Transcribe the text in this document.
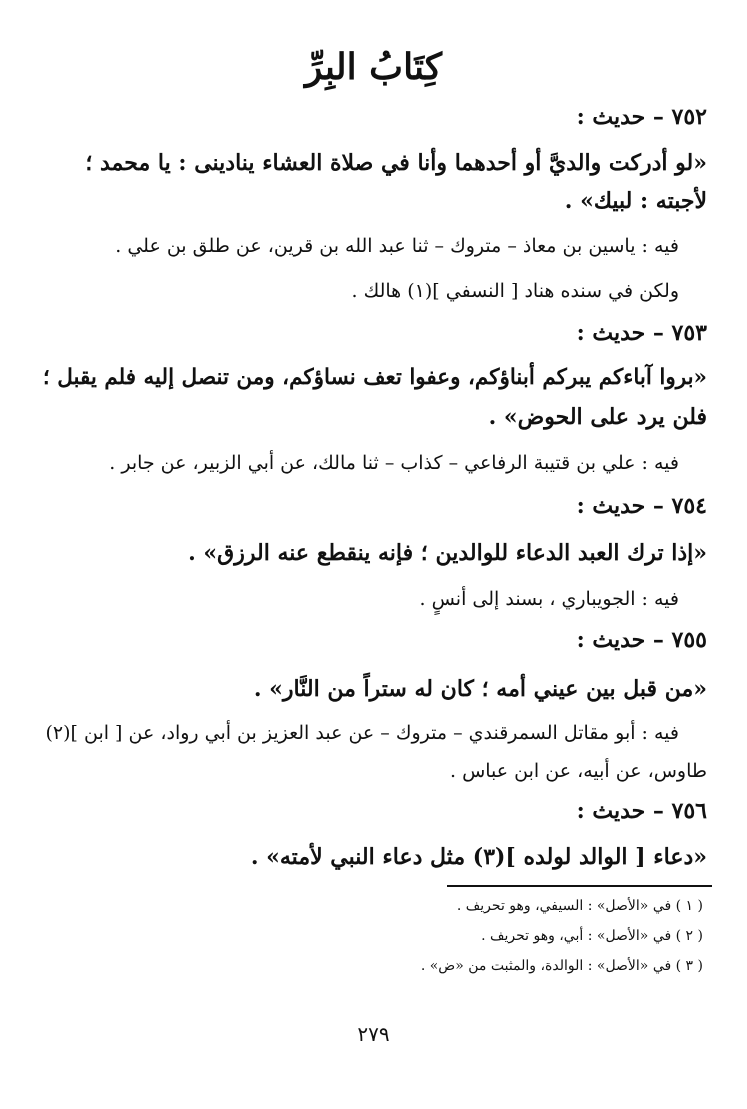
كِتَابُ البِرِّ
٧٥٢ – حديث :
«لو أدركت والديَّ أو أحدهما وأنا في صلاة العشاء ينادينى : يا محمد ؛
لأجبته : لبيك» .
فيه : ياسين بن معاذ – متروك – ثنا عبد الله بن قرين، عن طلق بن علي .
ولكن في سنده هناد [ النسفي ](١) هالك .
٧٥٣ – حديث :
«بروا آباءكم يبركم أبناؤكم، وعفوا تعف نساؤكم، ومن تنصل إليه فلم يقبل ؛
فلن يرد على الحوض» .
فيه : علي بن قتيبة الرفاعي – كذاب – ثنا مالك، عن أبي الزبير، عن جابر .
٧٥٤ – حديث :
«إذا ترك العبد الدعاء للوالدين ؛ فإنه ينقطع عنه الرزق» .
فيه : الجويباري ، بسند إلى أنسٍ .
٧٥٥ – حديث :
«من قبل بين عيني أمه ؛ كان له ستراً من النَّار» .
فيه : أبو مقاتل السمرقندي – متروك – عن عبد العزيز بن أبي رواد، عن [ ابن ](٢)
طاوس، عن أبيه، عن ابن عباس .
٧٥٦ – حديث :
«دعاء [ الوالد لولده ](٣) مثل دعاء النبي لأمته» .
( ١ ) في «الأصل» : السيفي، وهو تحريف .
( ٢ ) في «الأصل» : أبي، وهو تحريف .
( ٣ ) في «الأصل» : الوالدة، والمثبت من «ض» .
٢٧٩
